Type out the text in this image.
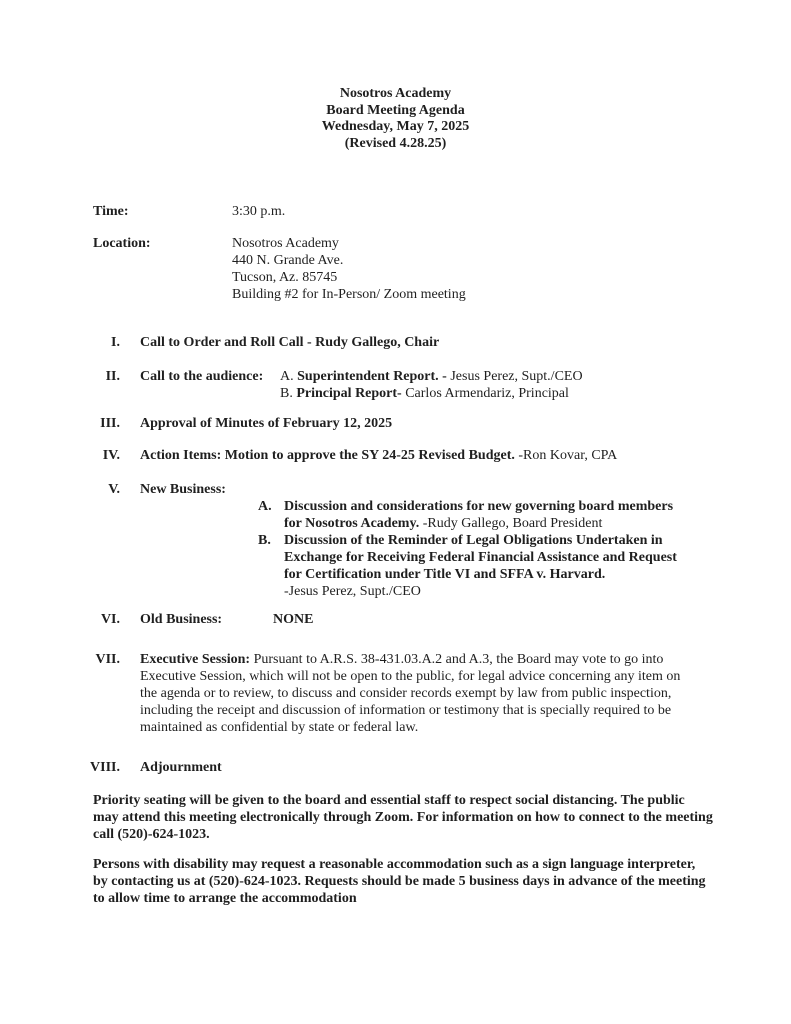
Nosotros Academy
Board Meeting Agenda
Wednesday, May 7, 2025
(Revised 4.28.25)
Time:	3:30 p.m.
Location:	Nosotros Academy
440 N. Grande Ave.
Tucson, Az. 85745
Building #2 for In-Person/ Zoom meeting
I. Call to Order and Roll Call - Rudy Gallego, Chair
II. Call to the audience: A. Superintendent Report. - Jesus Perez, Supt./CEO
B. Principal Report- Carlos Armendariz, Principal
III. Approval of Minutes of February 12, 2025
IV. Action Items: Motion to approve the SY 24-25 Revised Budget. -Ron Kovar, CPA
V. New Business:
A. Discussion and considerations for new governing board members for Nosotros Academy. -Rudy Gallego, Board President
B. Discussion of the Reminder of Legal Obligations Undertaken in Exchange for Receiving Federal Financial Assistance and Request for Certification under Title VI and SFFA v. Harvard.
-Jesus Perez, Supt./CEO
VI. Old Business:	NONE
VII. Executive Session: Pursuant to A.R.S. 38-431.03.A.2 and A.3, the Board may vote to go into Executive Session, which will not be open to the public, for legal advice concerning any item on the agenda or to review, to discuss and consider records exempt by law from public inspection, including the receipt and discussion of information or testimony that is specially required to be maintained as confidential by state or federal law.
VIII. Adjournment
Priority seating will be given to the board and essential staff to respect social distancing. The public may attend this meeting electronically through Zoom. For information on how to connect to the meeting call (520)-624-1023.
Persons with disability may request a reasonable accommodation such as a sign language interpreter, by contacting us at (520)-624-1023. Requests should be made 5 business days in advance of the meeting to allow time to arrange the accommodation
